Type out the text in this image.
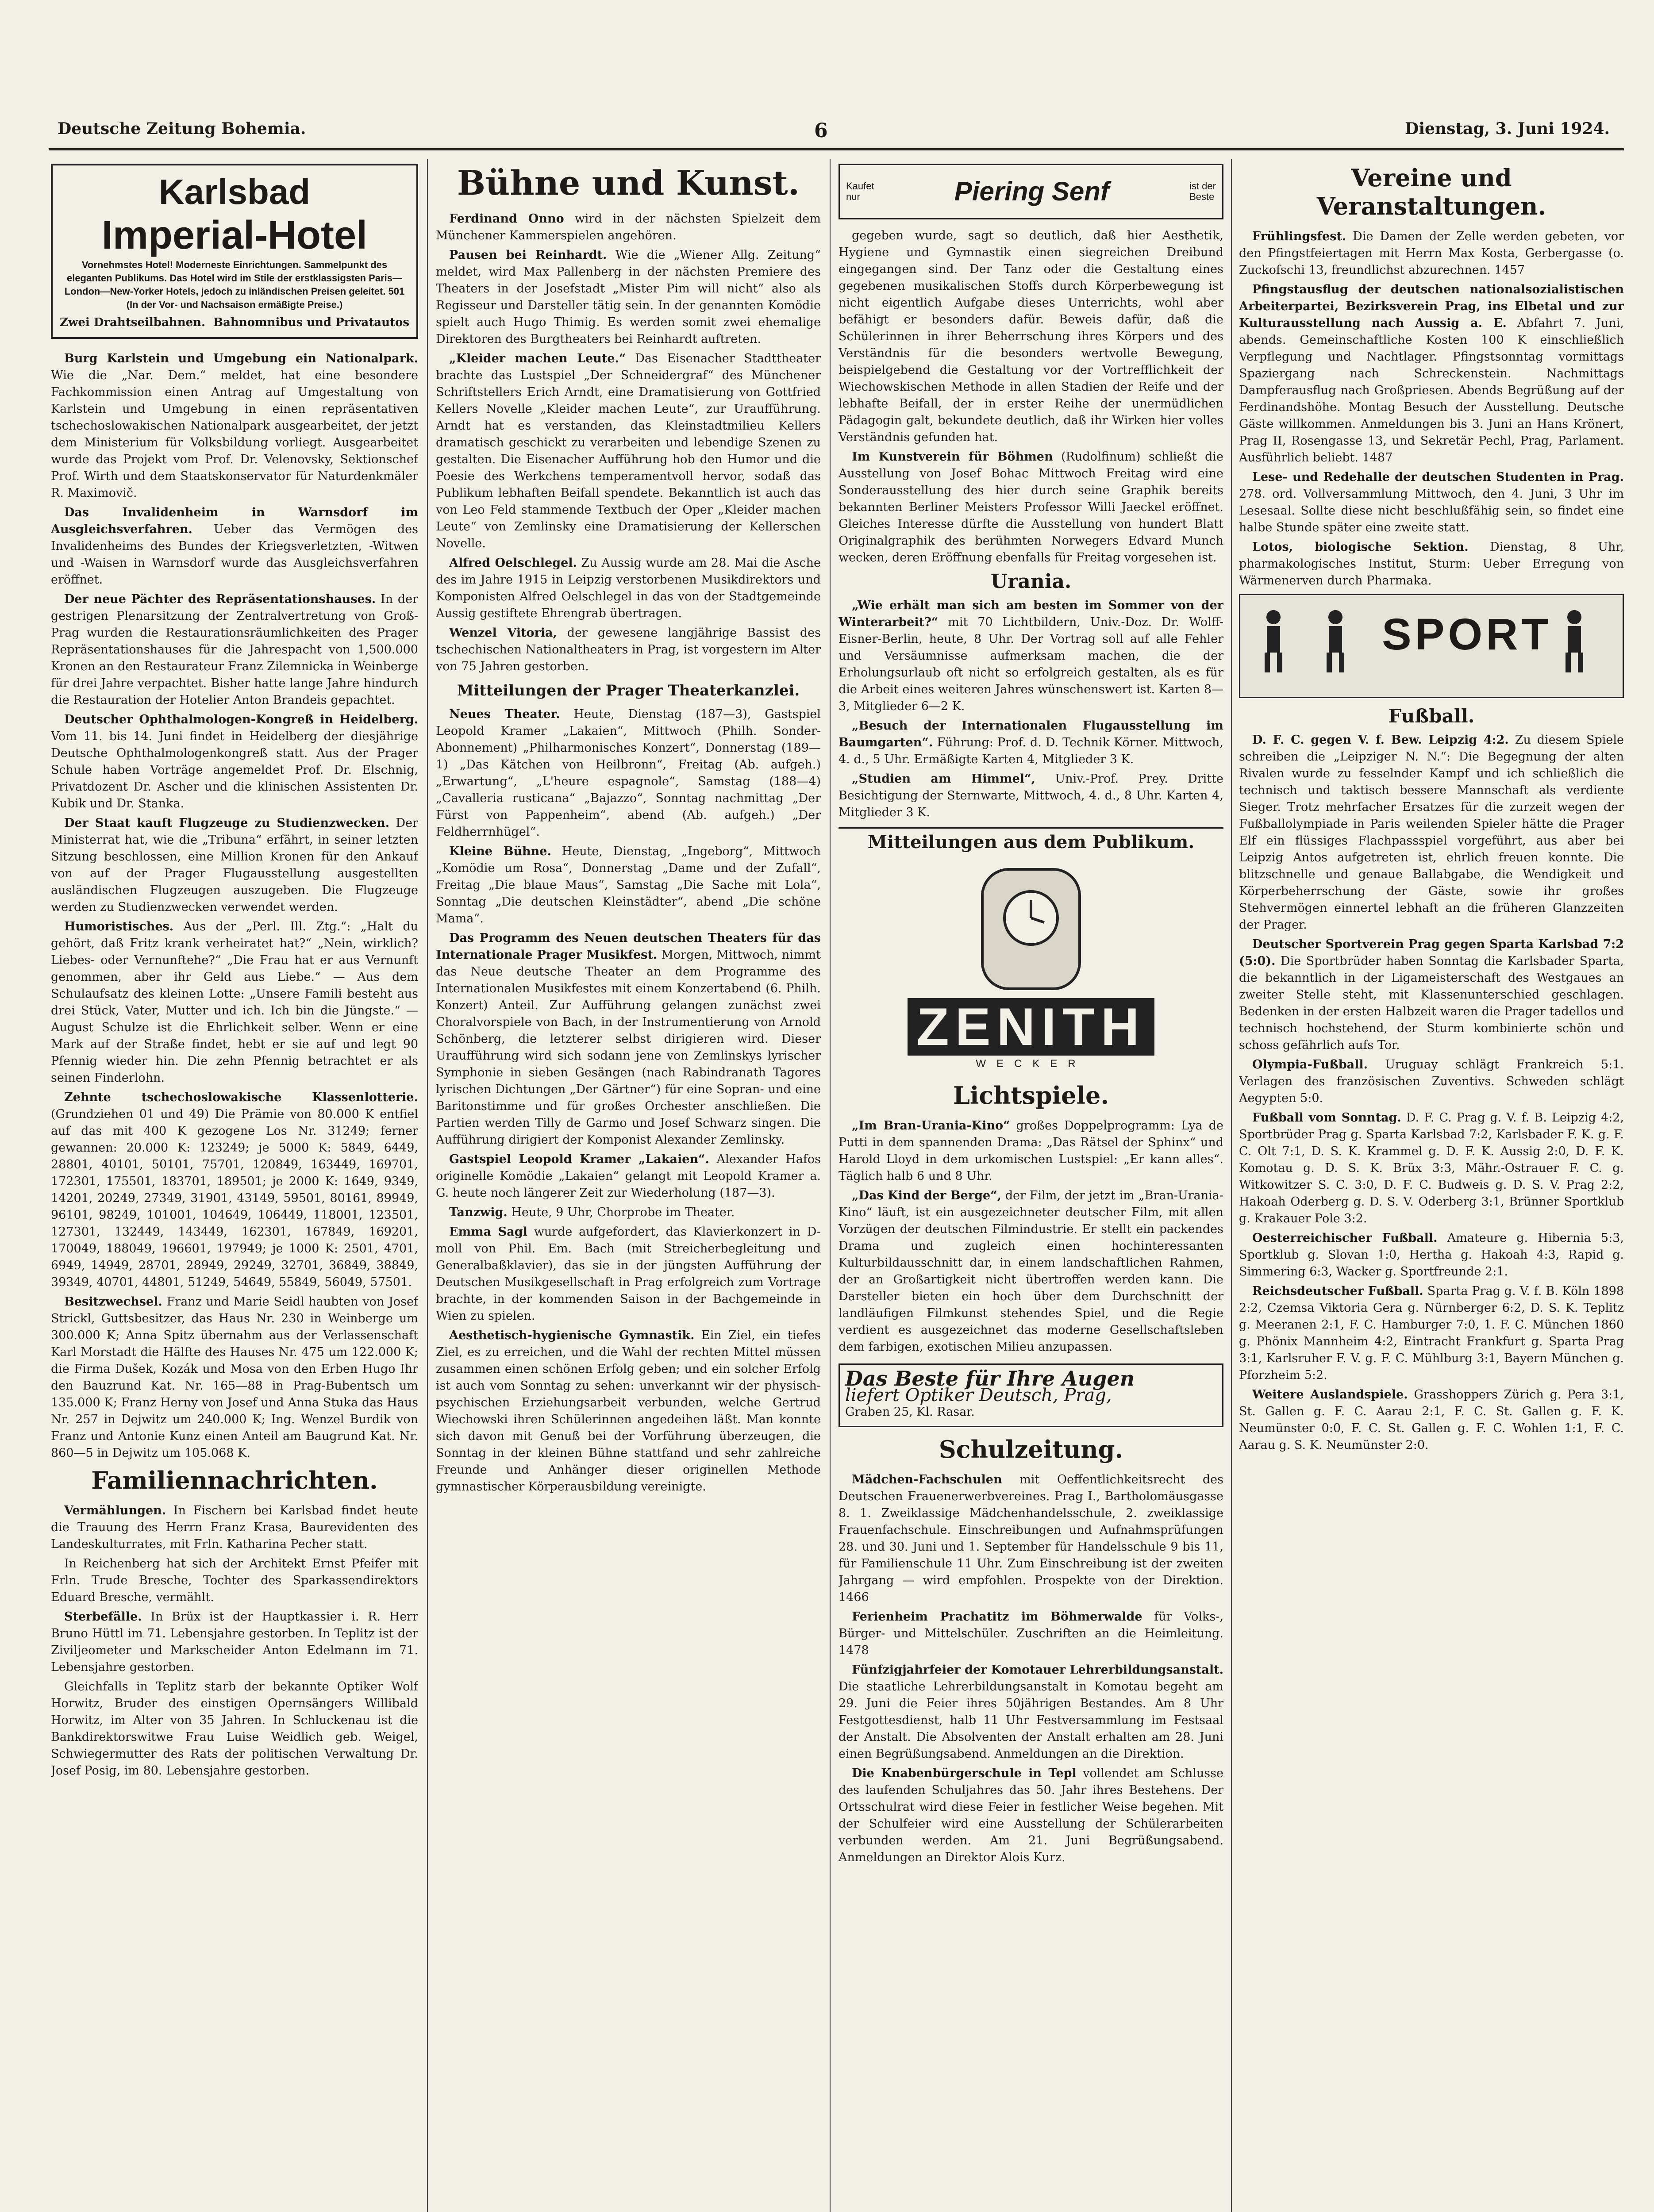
Deutsche Zeitung Bohemia.	6	Dienstag, 3. Juni 1924.
Karlsbad
Imperial-Hotel
Vornehmstes Hotel! Moderneste Einrichtungen. Sammelpunkt des eleganten Publikums. Das Hotel wird im Stile der erstklassigsten Paris—London—New-Yorker Hotels, jedoch zu inländischen Preisen geleitet. 501
(In der Vor- und Nachsaison ermäßigte Preise.)
Zwei Drahtseilbahnen. Bahnomnibus und Privatautos

Burg Karlstein und Umgebung ein Nationalpark. Wie die „Nar. Dem.“ meldet, hat eine besondere Fachkommission einen Antrag auf Umgestaltung von Karlstein und Umgebung in einen repräsentativen tschechoslowakischen Nationalpark ausgearbeitet, der jetzt dem Ministerium für Volksbildung vorliegt. Ausgearbeitet wurde das Projekt vom Prof. Dr. Velenovsky, Sektionschef Prof. Wirth und dem Staatskonservator für Naturdenkmäler R. Maximovič.

Das Invalidenheim in Warnsdorf im Ausgleichsverfahren. Ueber das Vermögen des Invalidenheims des Bundes der Kriegsverletzten, -Witwen und -Waisen in Warnsdorf wurde das Ausgleichsverfahren eröffnet.

Der neue Pächter des Repräsentationshauses. In der gestrigen Plenarsitzung der Zentralvertretung von Groß-Prag wurden die Restaurationsräumlichkeiten des Prager Repräsentationshauses für die Jahrespacht von 1,500.000 Kronen an den Restaurateur Franz Zilemnicka in Weinberge für drei Jahre verpachtet. Bisher hatte lange Jahre hindurch die Restauration der Hotelier Anton Brandeis gepachtet.

Deutscher Ophthalmologen-Kongreß in Heidelberg. Vom 11. bis 14. Juni findet in Heidelberg der diesjährige Deutsche Ophthalmologenkongreß statt. Aus der Prager Schule haben Vorträge angemeldet Prof. Dr. Elschnig, Privatdozent Dr. Ascher und die klinischen Assistenten Dr. Kubik und Dr. Stanka.

Der Staat kauft Flugzeuge zu Studienzwecken. Der Ministerrat hat, wie die „Tribuna“ erfährt, in seiner letzten Sitzung beschlossen, eine Million Kronen für den Ankauf von auf der Prager Flugausstellung ausgestellten ausländischen Flugzeugen auszugeben. Die Flugzeuge werden zu Studienzwecken verwendet werden.

Humoristisches. Aus der „Perl. Ill. Ztg.“: „Halt du gehört, daß Fritz krank verheiratet hat?“ „Nein, wirklich? Liebes- oder Vernunftehe?“ „Die Frau hat er aus Vernunft genommen, aber ihr Geld aus Liebe.“ — Aus dem Schulaufsatz des kleinen Lotte: „Unsere Famili besteht aus drei Stück, Vater, Mutter und ich. Ich bin die Jüngste.“ — August Schulze ist die Ehrlichkeit selber. Wenn er eine Mark auf der Straße findet, hebt er sie auf und legt 90 Pfennig wieder hin. Die zehn Pfennig betrachtet er als seinen Finderlohn.

Zehnte tschechoslowakische Klassenlotterie. (Grundziehen 01 und 49) Die Prämie von 80.000 K entfiel auf das mit 400 K gezogene Los Nr. 31249; ferner gewannen: 20.000 K: 123249; je 5000 K: 5849, 6449, 28801, 40101, 50101, 75701, 120849, 163449, 169701, 172301, 175501, 183701, 189501; je 2000 K: 1649, 9349, 14201, 20249, 27349, 31901, 43149, 59501, 80161, 89949, 96101, 98249, 101001, 104649, 106449, 118001, 123501, 127301, 132449, 143449, 162301, 167849, 169201, 170049, 188049, 196601, 197949; je 1000 K: 2501, 4701, 6949, 14949, 28701, 28949, 29249, 32701, 36849, 38849, 39349, 40701, 44801, 51249, 54649, 55849, 56049, 57501.

Besitzwechsel. Franz und Marie Seidl haubten von Josef Strickl, Guttsbesitzer, das Haus Nr. 230 in Weinberge um 300.000 K; Anna Spitz übernahm aus der Verlassenschaft Karl Morstadt die Hälfte des Hauses Nr. 475 um 122.000 K; die Firma Dušek, Kozák und Mosa von den Erben Hugo Ihr den Bauzrund Kat. Nr. 165—88 in Prag-Bubentsch um 135.000 K; Franz Herny von Josef und Anna Stuka das Haus Nr. 257 in Dejwitz um 240.000 K; Ing. Wenzel Burdik von Franz und Antonie Kunz einen Anteil am Baugrund Kat. Nr. 860—5 in Dejwitz um 105.068 K.

Familiennachrichten.

Vermählungen. In Fischern bei Karlsbad findet heute die Trauung des Herrn Franz Krasa, Baurevidenten des Landeskulturrates, mit Frln. Katharina Pecher statt.

In Reichenberg hat sich der Architekt Ernst Pfeifer mit Frln. Trude Bresche, Tochter des Sparkassendirektors Eduard Bresche, vermählt.

Sterbefälle. In Brüx ist der Hauptkassier i. R. Herr Bruno Hüttl im 71. Lebensjahre gestorben. In Teplitz ist der Ziviljeometer und Markscheider Anton Edelmann im 71. Lebensjahre gestorben.

Gleichfalls in Teplitz starb der bekannte Optiker Wolf Horwitz, Bruder des einstigen Opernsängers Willibald Horwitz, im Alter von 35 Jahren. In Schluckenau ist die Bankdirektorswitwe Frau Luise Weidlich geb. Weigel, Schwiegermutter des Rats der politischen Verwaltung Dr. Josef Posig, im 80. Lebensjahre gestorben.

Bühne und Kunst.

Ferdinand Onno wird in der nächsten Spielzeit dem Münchener Kammerspielen angehören.

Pausen bei Reinhardt. Wie die „Wiener Allg. Zeitung“ meldet, wird Max Pallenberg in der nächsten Premiere des Theaters in der Josefstadt „Mister Pim will nicht“ also als Regisseur und Darsteller tätig sein. In der genannten Komödie spielt auch Hugo Thimig. Es werden somit zwei ehemalige Direktoren des Burgtheaters bei Reinhardt auftreten.

„Kleider machen Leute.“ Das Eisenacher Stadttheater brachte das Lustspiel „Der Schneidergraf“ des Münchener Schriftstellers Erich Arndt, eine Dramatisierung von Gottfried Kellers Novelle „Kleider machen Leute“, zur Uraufführung. Arndt hat es verstanden, das Kleinstadtmilieu Kellers dramatisch geschickt zu verarbeiten und lebendige Szenen zu gestalten. Die Eisenacher Aufführung hob den Humor und die Poesie des Werkchens temperamentvoll hervor, sodaß das Publikum lebhaften Beifall spendete. Bekanntlich ist auch das von Leo Feld stammende Textbuch der Oper „Kleider machen Leute“ von Zemlinsky eine Dramatisierung der Kellerschen Novelle.

Alfred Oelschlegel. Zu Aussig wurde am 28. Mai die Asche des im Jahre 1915 in Leipzig verstorbenen Musikdirektors und Komponisten Alfred Oelschlegel in das von der Stadtgemeinde Aussig gestiftete Ehrengrab übertragen.

Wenzel Vitoria, der gewesene langjährige Bassist des tschechischen Nationaltheaters in Prag, ist vorgestern im Alter von 75 Jahren gestorben.

Mitteilungen der Prager Theaterkanzlei.

Neues Theater. Heute, Dienstag (187—3), Gastspiel Leopold Kramer „Lakaien“, Mittwoch (Philh. Sonder-Abonnement) „Philharmonisches Konzert“, Donnerstag (189—1) „Das Kätchen von Heilbronn“, Freitag (Ab. aufgeh.) „Erwartung“, „L'heure espagnole“, Samstag (188—4) „Cavalleria rusticana“ „Bajazzo“, Sonntag nachmittag „Der Fürst von Pappenheim“, abend (Ab. aufgeh.) „Der Feldherrnhügel“.

Kleine Bühne. Heute, Dienstag, „Ingeborg“, Mittwoch „Komödie um Rosa“, Donnerstag „Dame und der Zufall“, Freitag „Die blaue Maus“, Samstag „Die Sache mit Lola“, Sonntag „Die deutschen Kleinstädter“, abend „Die schöne Mama“.

Das Programm des Neuen deutschen Theaters für das Internationale Prager Musikfest. Morgen, Mittwoch, nimmt das Neue deutsche Theater an dem Programme des Internationalen Musikfestes mit einem Konzertabend (6. Philh. Konzert) Anteil. Zur Aufführung gelangen zunächst zwei Choralvorspiele von Bach, in der Instrumentierung von Arnold Schönberg, die letzterer selbst dirigieren wird. Dieser Uraufführung wird sich sodann jene von Zemlinskys lyrischer Symphonie in sieben Gesängen (nach Rabindranath Tagores lyrischen Dichtungen „Der Gärtner“) für eine Sopran- und eine Baritonstimme und für großes Orchester anschließen. Die Partien werden Tilly de Garmo und Josef Schwarz singen. Die Aufführung dirigiert der Komponist Alexander Zemlinsky.

Gastspiel Leopold Kramer „Lakaien“. Alexander Hafos originelle Komödie „Lakaien“ gelangt mit Leopold Kramer a. G. heute noch längerer Zeit zur Wiederholung (187—3).

Tanzwig. Heute, 9 Uhr, Chorprobe im Theater.

Emma Sagl wurde aufgefordert, das Klavierkonzert in D-moll von Phil. Em. Bach (mit Streicherbegleitung und Generalbaßklavier), das sie in der jüngsten Aufführung der Deutschen Musikgesellschaft in Prag erfolgreich zum Vortrage brachte, in der kommenden Saison in der Bachgemeinde in Wien zu spielen.

Aesthetisch-hygienische Gymnastik. Ein Ziel, ein tiefes Ziel, es zu erreichen, und die Wahl der rechten Mittel müssen zusammen einen schönen Erfolg geben; und ein solcher Erfolg ist auch vom Sonntag zu sehen: unverkannt wir der physisch-psychischen Erziehungsarbeit verbunden, welche Gertrud Wiechowski ihren Schülerinnen angedeihen läßt. Man konnte sich davon mit Genuß bei der Vorführung überzeugen, die Sonntag in der kleinen Bühne stattfand und sehr zahlreiche Freunde und Anhänger dieser originellen Methode gymnastischer Körperausbildung vereinigte.

Kaufet
nur	Piering Senf	ist der
Beste

gegeben wurde, sagt so deutlich, daß hier Aesthetik, Hygiene und Gymnastik einen siegreichen Dreibund eingegangen sind. Der Tanz oder die Gestaltung eines gegebenen musikalischen Stoffs durch Körperbewegung ist nicht eigentlich Aufgabe dieses Unterrichts, wohl aber befähigt er besonders dafür. Beweis dafür, daß die Schülerinnen in ihrer Beherrschung ihres Körpers und des Verständnis für die besonders wertvolle Bewegung, beispielgebend die Gestaltung vor der Vortrefflichkeit der Wiechowskischen Methode in allen Stadien der Reife und der lebhafte Beifall, der in erster Reihe der unermüdlichen Pädagogin galt, bekundete deutlich, daß ihr Wirken hier volles Verständnis gefunden hat.

Im Kunstverein für Böhmen (Rudolfinum) schließt die Ausstellung von Josef Bohac Mittwoch Freitag wird eine Sonderausstellung des hier durch seine Graphik bereits bekannten Berliner Meisters Professor Willi Jaeckel eröffnet. Gleiches Interesse dürfte die Ausstellung von hundert Blatt Originalgraphik des berühmten Norwegers Edvard Munch wecken, deren Eröffnung ebenfalls für Freitag vorgesehen ist.

Urania.

„Wie erhält man sich am besten im Sommer von der Winterarbeit?“ mit 70 Lichtbildern, Univ.-Doz. Dr. Wolff-Eisner-Berlin, heute, 8 Uhr. Der Vortrag soll auf alle Fehler und Versäumnisse aufmerksam machen, die der Erholungsurlaub oft nicht so erfolgreich gestalten, als es für die Arbeit eines weiteren Jahres wünschenswert ist. Karten 8—3, Mitglieder 6—2 K.

„Besuch der Internationalen Flugausstellung im Baumgarten“. Führung: Prof. d. D. Technik Körner. Mittwoch, 4. d., 5 Uhr. Ermäßigte Karten 4, Mitglieder 3 K.

„Studien am Himmel“, Univ.-Prof. Prey. Dritte Besichtigung der Sternwarte, Mittwoch, 4. d., 8 Uhr. Karten 4, Mitglieder 3 K.

Mitteilungen aus dem Publikum.

ZENITH
WECKER
Lichtspiele.

„Im Bran-Urania-Kino“ großes Doppelprogramm: Lya de Putti in dem spannenden Drama: „Das Rätsel der Sphinx“ und Harold Lloyd in dem urkomischen Lustspiel: „Er kann alles“. Täglich halb 6 und 8 Uhr.

„Das Kind der Berge“, der Film, der jetzt im „Bran-Urania-Kino“ läuft, ist ein ausgezeichneter deutscher Film, mit allen Vorzügen der deutschen Filmindustrie. Er stellt ein packendes Drama und zugleich einen hochinteressanten Kulturbildausschnitt dar, in einem landschaftlichen Rahmen, der an Großartigkeit nicht übertroffen werden kann. Die Darsteller bieten ein hoch über dem Durchschnitt der landläufigen Filmkunst stehendes Spiel, und die Regie verdient es ausgezeichnet das moderne Gesellschaftsleben dem farbigen, exotischen Milieu anzupassen.

Das Beste für Ihre Augen
liefert Optiker Deutsch, Prag,
Graben 25, Kl. Rasar.
Schulzeitung.

Mädchen-Fachschulen mit Oeffentlichkeitsrecht des Deutschen Frauenerwerbvereines. Prag I., Bartholomäusgasse 8. 1. Zweiklassige Mädchenhandelsschule, 2. zweiklassige Frauenfachschule. Einschreibungen und Aufnahmsprüfungen 28. und 30. Juni und 1. September für Handelsschule 9 bis 11, für Familienschule 11 Uhr. Zum Einschreibung ist der zweiten Jahrgang — wird empfohlen. Prospekte von der Direktion. 1466

Ferienheim Prachatitz im Böhmerwalde für Volks-, Bürger- und Mittelschüler. Zuschriften an die Heimleitung. 1478

Fünfzigjahrfeier der Komotauer Lehrerbildungsanstalt. Die staatliche Lehrerbildungsanstalt in Komotau begeht am 29. Juni die Feier ihres 50jährigen Bestandes. Am 8 Uhr Festgottesdienst, halb 11 Uhr Festversammlung im Festsaal der Anstalt. Die Absolventen der Anstalt erhalten am 28. Juni einen Begrüßungsabend. Anmeldungen an die Direktion.

Die Knabenbürgerschule in Tepl vollendet am Schlusse des laufenden Schuljahres das 50. Jahr ihres Bestehens. Der Ortsschulrat wird diese Feier in festlicher Weise begehen. Mit der Schulfeier wird eine Ausstellung der Schülerarbeiten verbunden werden. Am 21. Juni Begrüßungsabend. Anmeldungen an Direktor Alois Kurz.

Vereine und Veranstaltungen.

Frühlingsfest. Die Damen der Zelle werden gebeten, vor den Pfingstfeiertagen mit Herrn Max Kosta, Gerbergasse (o. Zuckofschi 13, freundlichst abzurechnen. 1457

Pfingstausflug der deutschen nationalsozialistischen Arbeiterpartei, Bezirksverein Prag, ins Elbetal und zur Kulturausstellung nach Aussig a. E. Abfahrt 7. Juni, abends. Gemeinschaftliche Kosten 100 K einschließlich Verpflegung und Nachtlager. Pfingstsonntag vormittags Spaziergang nach Schreckenstein. Nachmittags Dampferausflug nach Großpriesen. Abends Begrüßung auf der Ferdinandshöhe. Montag Besuch der Ausstellung. Deutsche Gäste willkommen. Anmeldungen bis 3. Juni an Hans Krönert, Prag II, Rosengasse 13, und Sekretär Pechl, Prag, Parlament. Ausführlich beliebt. 1487

Lese- und Redehalle der deutschen Studenten in Prag. 278. ord. Vollversammlung Mittwoch, den 4. Juni, 3 Uhr im Lesesaal. Sollte diese nicht beschlußfähig sein, so findet eine halbe Stunde später eine zweite statt.

Lotos, biologische Sektion. Dienstag, 8 Uhr, pharmakologisches Institut, Sturm: Ueber Erregung von Wärmenerven durch Pharmaka.

SPORT
Fußball.

D. F. C. gegen V. f. Bew. Leipzig 4:2. Zu diesem Spiele schreiben die „Leipziger N. N.“: Die Begegnung der alten Rivalen wurde zu fesselnder Kampf und ich schließlich die technisch und taktisch bessere Mannschaft als verdiente Sieger. Trotz mehrfacher Ersatzes für die zurzeit wegen der Fußballolympiade in Paris weilenden Spieler hätte die Prager Elf ein flüssiges Flachpassspiel vorgeführt, aus aber bei Leipzig Antos aufgetreten ist, ehrlich freuen konnte. Die blitzschnelle und genaue Ballabgabe, die Wendigkeit und Körperbeherrschung der Gäste, sowie ihr großes Stehvermögen einnertel lebhaft an die früheren Glanzzeiten der Prager.

Deutscher Sportverein Prag gegen Sparta Karlsbad 7:2 (5:0). Die Sportbrüder haben Sonntag die Karlsbader Sparta, die bekanntlich in der Ligameisterschaft des Westgaues an zweiter Stelle steht, mit Klassenunterschied geschlagen. Bedenken in der ersten Halbzeit waren die Prager tadellos und technisch hochstehend, der Sturm kombinierte schön und schoss gefährlich aufs Tor.

Olympia-Fußball. Uruguay schlägt Frankreich 5:1. Verlagen des französischen Zuventivs. Schweden schlägt Aegypten 5:0.

Fußball vom Sonntag. D. F. C. Prag g. V. f. B. Leipzig 4:2, Sportbrüder Prag g. Sparta Karlsbad 7:2, Karlsbader F. K. g. F. C. Olt 7:1, D. S. K. Krammel g. D. F. K. Aussig 2:0, D. F. K. Komotau g. D. S. K. Brüx 3:3, Mähr.-Ostrauer F. C. g. Witkowitzer S. C. 3:0, D. F. C. Budweis g. D. S. V. Prag 2:2, Hakoah Oderberg g. D. S. V. Oderberg 3:1, Brünner Sportklub g. Krakauer Pole 3:2.

Oesterreichischer Fußball. Amateure g. Hibernia 5:3, Sportklub g. Slovan 1:0, Hertha g. Hakoah 4:3, Rapid g. Simmering 6:3, Wacker g. Sportfreunde 2:1.

Reichsdeutscher Fußball. Sparta Prag g. V. f. B. Köln 1898 2:2, Czemsa Viktoria Gera g. Nürnberger 6:2, D. S. K. Teplitz g. Meeranen 2:1, F. C. Hamburger 7:0, 1. F. C. München 1860 g. Phönix Mannheim 4:2, Eintracht Frankfurt g. Sparta Prag 3:1, Karlsruher F. V. g. F. C. Mühlburg 3:1, Bayern München g. Pforzheim 5:2.

Weitere Auslandspiele. Grasshoppers Zürich g. Pera 3:1, St. Gallen g. F. C. Aarau 2:1, F. C. St. Gallen g. F. K. Neumünster 0:0, F. C. St. Gallen g. F. C. Wohlen 1:1, F. C. Aarau g. S. K. Neumünster 2:0.
